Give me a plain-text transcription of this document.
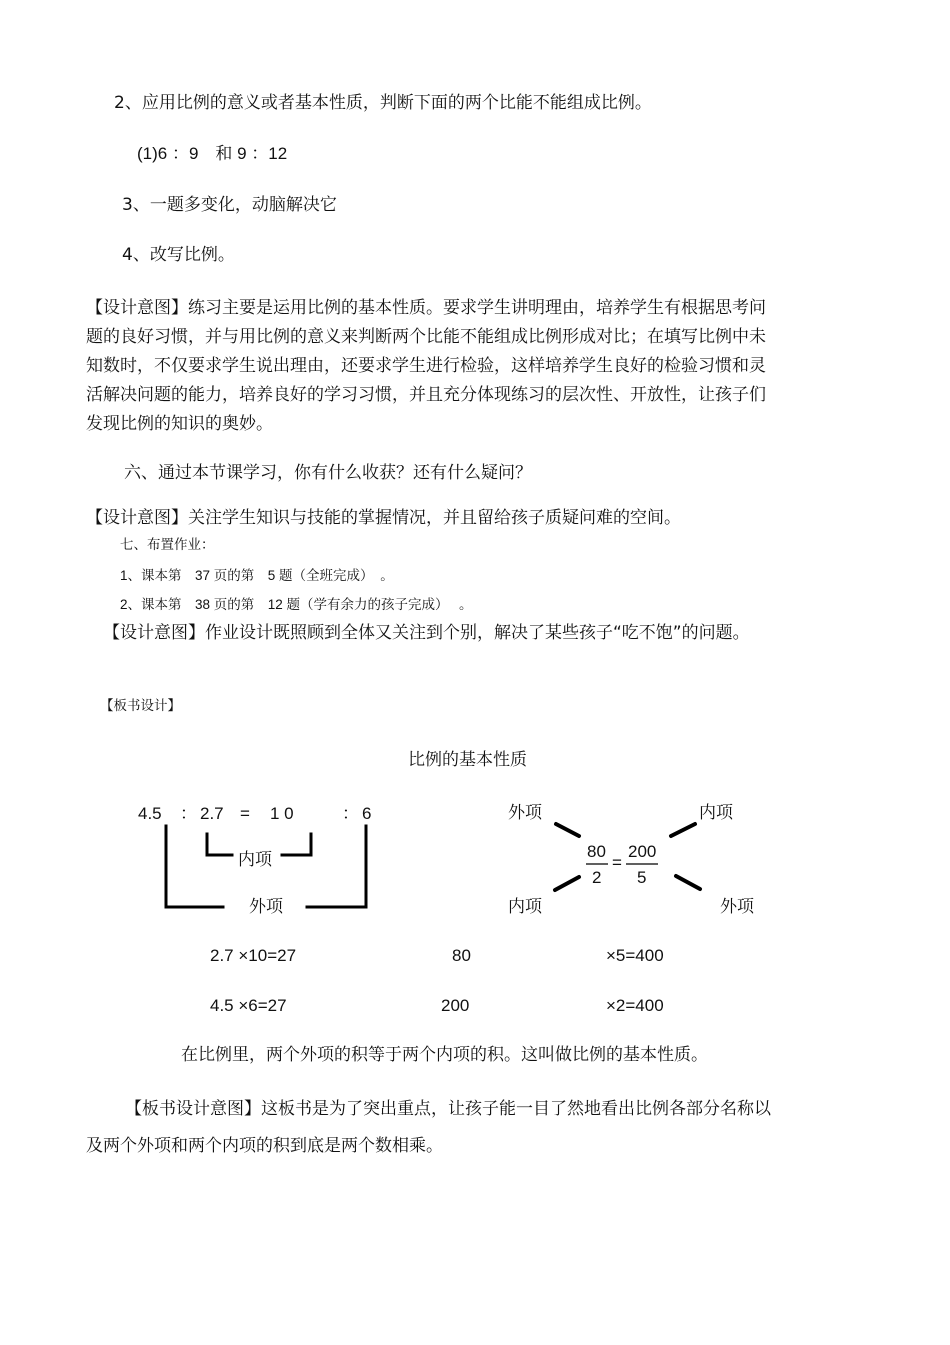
2、应用比例的意义或者基本性质，判断下面的两个比能不能组成比例。
(1)6 ：9　和 9 ：12
3、一题多变化，动脑解决它
4、改写比例。
【设计意图】练习主要是运用比例的基本性质。要求学生讲明理由，培养学生有根据思考问
题的良好习惯，并与用比例的意义来判断两个比能不能组成比例形成对比；在填写比例中未
知数时，不仅要求学生说出理由，还要求学生进行检验，这样培养学生良好的检验习惯和灵
活解决问题的能力，培养良好的学习习惯，并且充分体现练习的层次性、开放性，让孩子们
发现比例的知识的奥妙。
六、通过本节课学习，你有什么收获？还有什么疑问？
【设计意图】关注学生知识与技能的掌握情况，并且留给孩子质疑问难的空间。
七、布置作业：
1、课本第　37 页的第　5 题（全班完成）　。
2、课本第　38 页的第　12 题（学有余力的孩子完成）　 。
【设计意图】作业设计既照顾到全体又关注到个别，解决了某些孩子“吃不饱”的问题。
【板书设计】
比例的基本性质
4.5 ： 2.7 = 1 0	： 6
内项
外项
外项	内项
80
2
=
200
5
内项	外项
2.7 ×10=27	80	×5=400
4.5 ×6=27	200	×2=400
在比例里，两个外项的积等于两个内项的积。这叫做比例的基本性质。
【板书设计意图】这板书是为了突出重点，让孩子能一目了然地看出比例各部分名称以
及两个外项和两个内项的积到底是两个数相乘。
